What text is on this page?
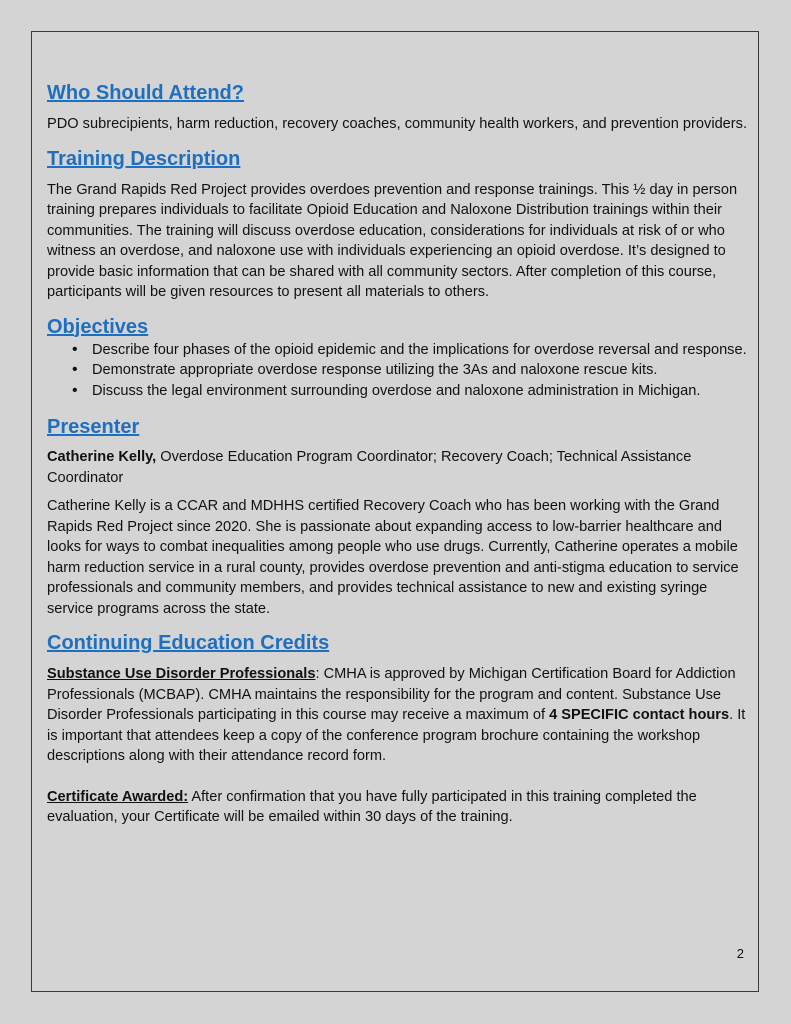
Who Should Attend?

PDO subrecipients, harm reduction, recovery coaches, community health workers, and prevention providers.

Training Description

The Grand Rapids Red Project provides overdoes prevention and response trainings. This ½ day in person training prepares individuals to facilitate Opioid Education and Naloxone Distribution trainings within their communities. The training will discuss overdose education, considerations for individuals at risk of or who witness an overdose, and naloxone use with individuals experiencing an opioid overdose. It’s designed to provide basic information that can be shared with all community sectors. After completion of this course, participants will be given resources to present all materials to others.

Objectives
• Describe four phases of the opioid epidemic and the implications for overdose reversal and response.
• Demonstrate appropriate overdose response utilizing the 3As and naloxone rescue kits.
• Discuss the legal environment surrounding overdose and naloxone administration in Michigan.
Presenter

Catherine Kelly, Overdose Education Program Coordinator; Recovery Coach; Technical Assistance Coordinator

Catherine Kelly is a CCAR and MDHHS certified Recovery Coach who has been working with the Grand Rapids Red Project since 2020. She is passionate about expanding access to low-barrier healthcare and looks for ways to combat inequalities among people who use drugs. Currently, Catherine operates a mobile harm reduction service in a rural county, provides overdose prevention and anti-stigma education to service professionals and community members, and provides technical assistance to new and existing syringe service programs across the state.

Continuing Education Credits

Substance Use Disorder Professionals: CMHA is approved by Michigan Certification Board for Addiction Professionals (MCBAP). CMHA maintains the responsibility for the program and content. Substance Use Disorder Professionals participating in this course may receive a maximum of 4 SPECIFIC contact hours. It is important that attendees keep a copy of the conference program brochure containing the workshop descriptions along with their attendance record form.

Certificate Awarded: After confirmation that you have fully participated in this training completed the evaluation, your Certificate will be emailed within 30 days of the training.

2
